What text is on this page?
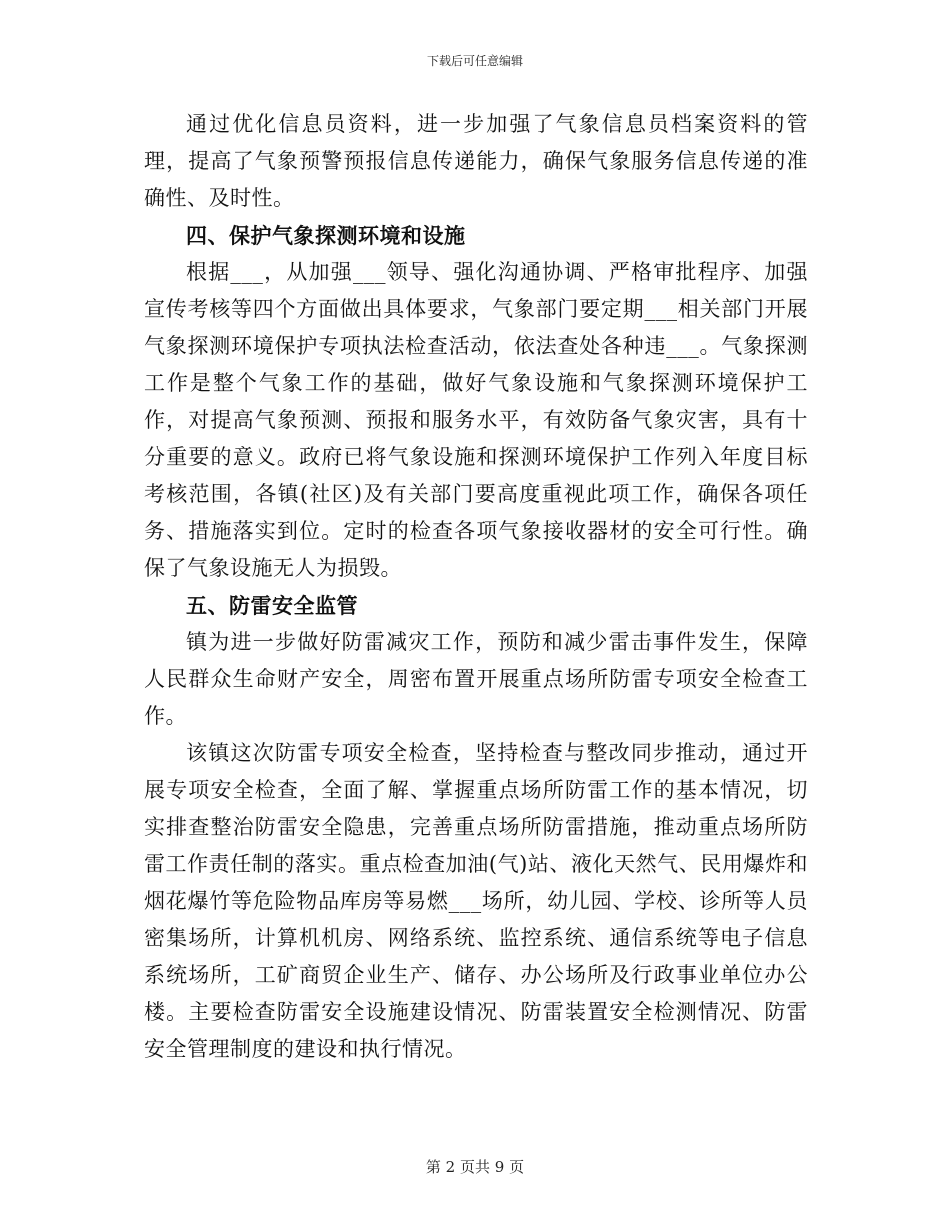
下载后可任意编辑

通过优化信息员资料，进一步加强了气象信息员档案资料的管理，提高了气象预警预报信息传递能力，确保气象服务信息传递的准确性、及时性。

四、保护气象探测环境和设施

根据___，从加强___领导、强化沟通协调、严格审批程序、加强宣传考核等四个方面做出具体要求，气象部门要定期___相关部门开展气象探测环境保护专项执法检查活动，依法查处各种违___。气象探测工作是整个气象工作的基础，做好气象设施和气象探测环境保护工作，对提高气象预测、预报和服务水平，有效防备气象灾害，具有十分重要的意义。政府已将气象设施和探测环境保护工作列入年度目标考核范围，各镇(社区)及有关部门要高度重视此项工作，确保各项任务、措施落实到位。定时的检查各项气象接收器材的安全可行性。确保了气象设施无人为损毁。

五、防雷安全监管

镇为进一步做好防雷减灾工作，预防和减少雷击事件发生，保障人民群众生命财产安全，周密布置开展重点场所防雷专项安全检查工作。

该镇这次防雷专项安全检查，坚持检查与整改同步推动，通过开展专项安全检查，全面了解、掌握重点场所防雷工作的基本情况，切实排查整治防雷安全隐患，完善重点场所防雷措施，推动重点场所防雷工作责任制的落实。重点检查加油(气)站、液化天然气、民用爆炸和烟花爆竹等危险物品库房等易燃___场所，幼儿园、学校、诊所等人员密集场所，计算机机房、网络系统、监控系统、通信系统等电子信息系统场所，工矿商贸企业生产、储存、办公场所及行政事业单位办公楼。主要检查防雷安全设施建设情况、防雷装置安全检测情况、防雷安全管理制度的建设和执行情况。

第 2 页共 9 页
